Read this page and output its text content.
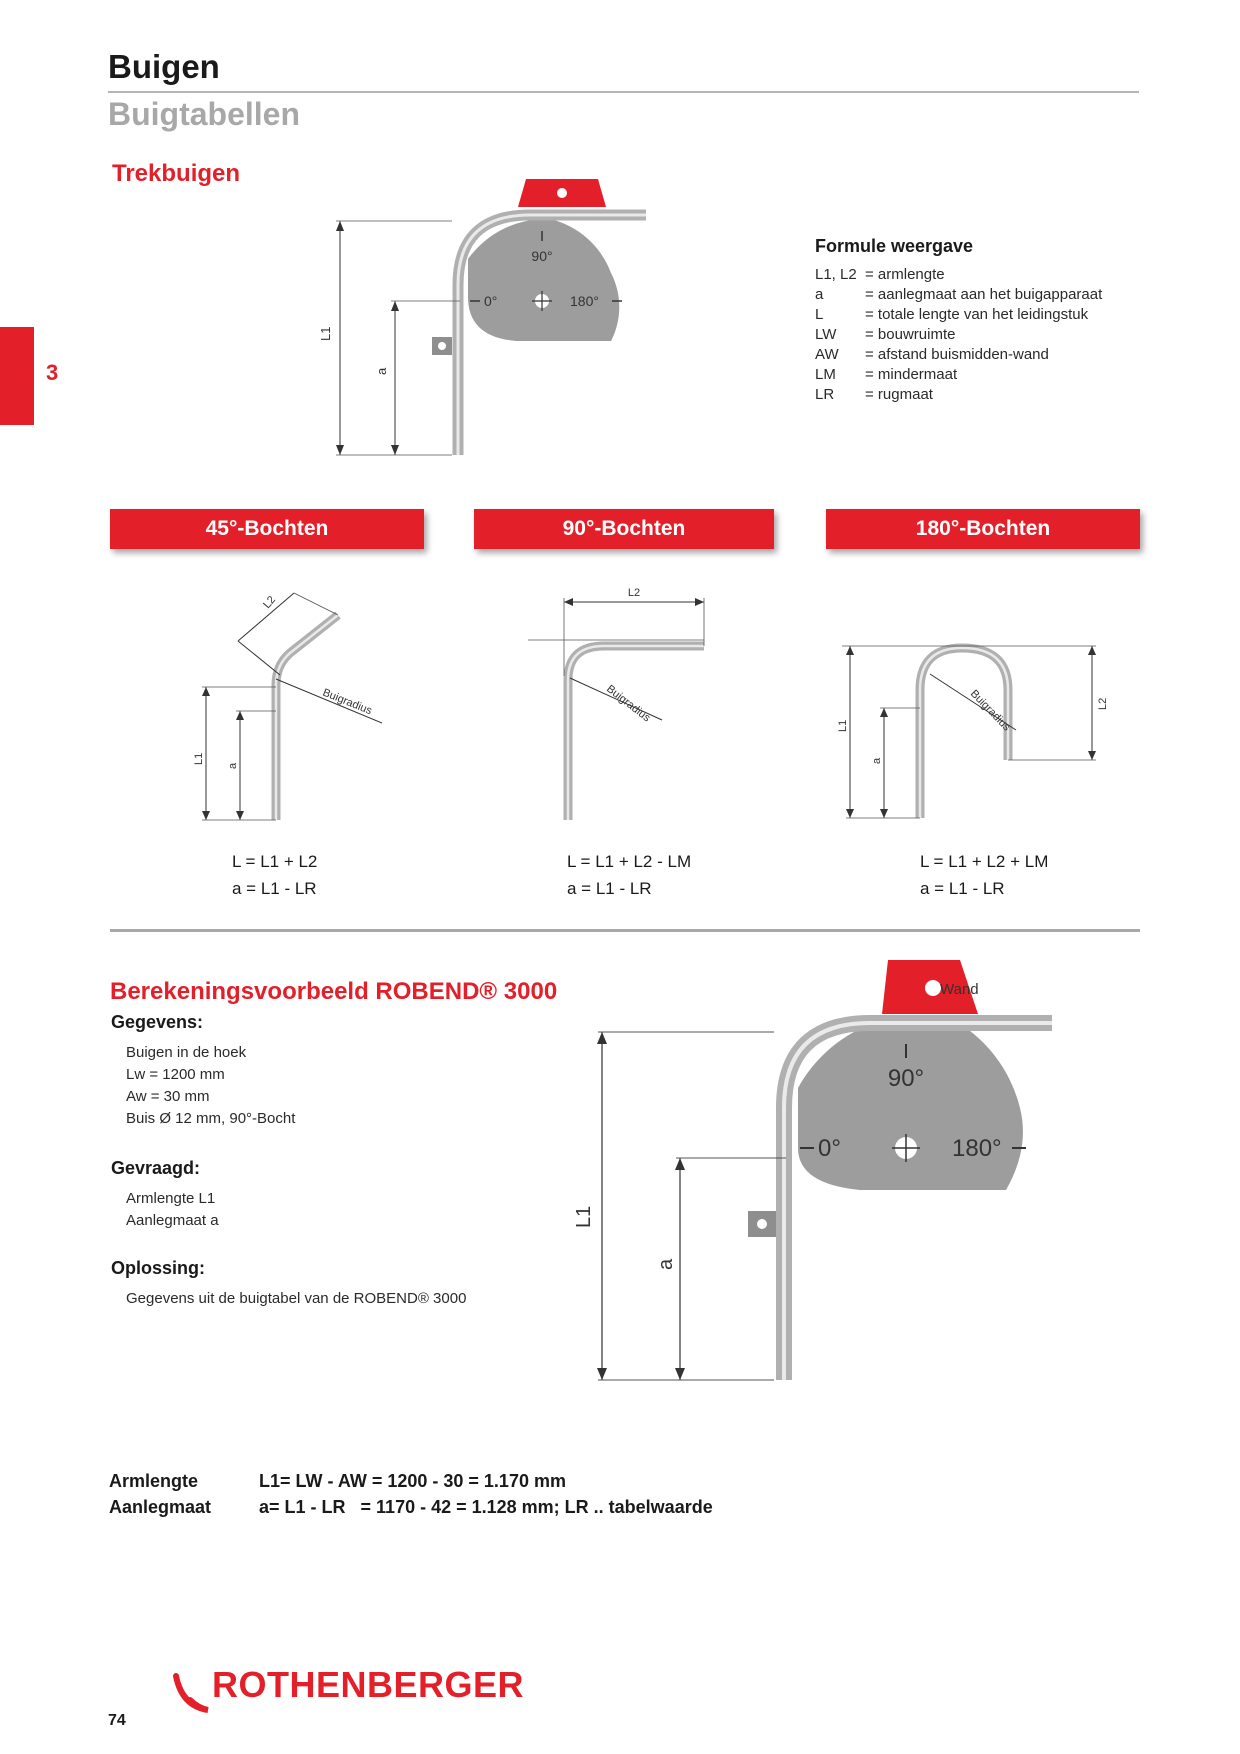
Buigen
Buigtabellen
3
Trekbuigen
90°
0°	180°
L1
a
Formule weergave
L1, L2 = armlengte
a	= aanlegmaat aan het buigapparaat
L	= totale lengte van het leidingstuk
LW	= bouwruimte
AW	= afstand buismidden-wand
LM	= mindermaat
LR	= rugmaat
45°-Bochten	90°-Bochten	180°-Bochten
L2
Buigradius
L1
a
L2
Buigradius	Buigradius
L1
a
L2
L = L1 + L2
a = L1 - LR
L = L1 + L2 - LM
a = L1 - LR
L = L1 + L2 + LM
a = L1 - LR
Berekeningsvoorbeeld ROBEND® 3000
Gegevens:
Buigen in de hoek
Lw = 1200 mm
Aw = 30 mm
Buis Ø 12 mm, 90°-Bocht
Gevraagd:
Armlengte L1
Aanlegmaat a
Oplossing:
Gegevens uit de buigtabel van de ROBEND® 3000
Wand
90°
0°	180°
L1
a
Armlengte	L1= LW - AW = 1200 - 30 = 1.170 mm
Aanlegmaat	a= L1 - LR   = 1170 - 42 = 1.128 mm; LR .. tabelwaarde
74
ROTHENBERGER
